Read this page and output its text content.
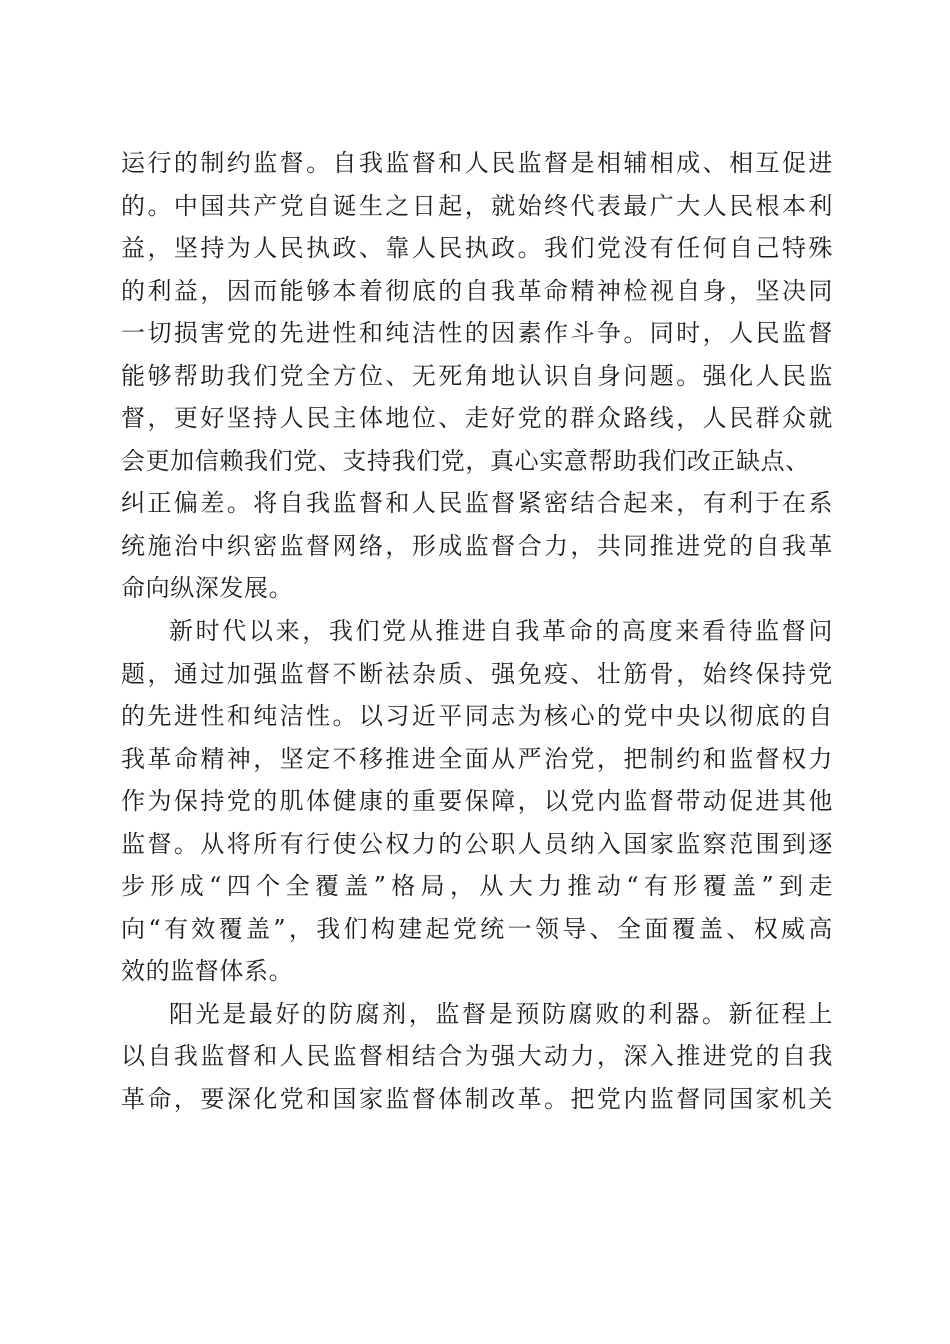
运行的制约监督。自我监督和人民监督是相辅相成、相互促进
的。中国共产党自诞生之日起，就始终代表最广大人民根本利
益，坚持为人民执政、靠人民执政。我们党没有任何自己特殊
的利益，因而能够本着彻底的自我革命精神检视自身，坚决同
一切损害党的先进性和纯洁性的因素作斗争。同时，人民监督
能够帮助我们党全方位、无死角地认识自身问题。强化人民监
督，更好坚持人民主体地位、走好党的群众路线，人民群众就
会更加信赖我们党、支持我们党，真心实意帮助我们改正缺点、
纠正偏差。将自我监督和人民监督紧密结合起来，有利于在系
统施治中织密监督网络，形成监督合力，共同推进党的自我革
命向纵深发展。
新时代以来，我们党从推进自我革命的高度来看待监督问
题，通过加强监督不断祛杂质、强免疫、壮筋骨，始终保持党
的先进性和纯洁性。以习近平同志为核心的党中央以彻底的自
我革命精神，坚定不移推进全面从严治党，把制约和监督权力
作为保持党的肌体健康的重要保障，以党内监督带动促进其他
监督。从将所有行使公权力的公职人员纳入国家监察范围到逐
步形成“四个全覆盖”格局，从大力推动“有形覆盖”到走
向“有效覆盖”，我们构建起党统一领导、全面覆盖、权威高
效的监督体系。
阳光是最好的防腐剂，监督是预防腐败的利器。新征程上
以自我监督和人民监督相结合为强大动力，深入推进党的自我
革命，要深化党和国家监督体制改革。把党内监督同国家机关
